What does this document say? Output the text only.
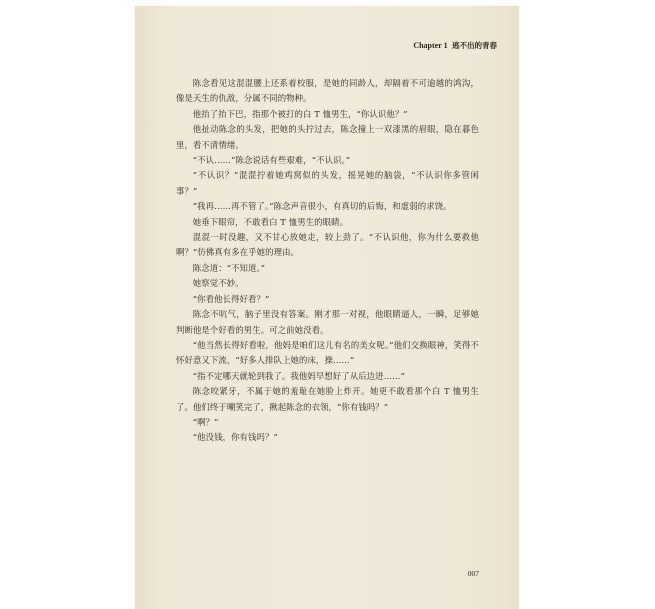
Chapter 1 逃不出的青春

陈念看见这混混腰上还系着校服，是她的同龄人，却隔着不可逾越的鸿沟，像是天生的仇敌，分属不同的物种。

他抬了抬下巴，指那个被打的白 T 恤男生，“你认识他？”

他扯动陈念的头发，把她的头拧过去，陈念撞上一双漆黑的眉眼，隐在暮色里，看不清情绪。

“不认……”陈念说话有些艰难，“不认识。”

“不认识？”混混拧着她鸡窝似的头发，摇晃她的脑袋，“不认识你多管闲事？”

“我再……再不管了。”陈念声音很小，有真切的后悔，和虚弱的求饶。

她垂下眼帘，不敢看白 T 恤男生的眼睛。

混混一时没趣，又不甘心放她走，较上劲了。“不认识他，你为什么要救他啊？”仿佛真有多在乎她的理由。

陈念道：“不知道。”

她察觉不妙。

“你看他长得好看？”

陈念不吭气，脑子里没有答案。刚才那一对视，他眼睛逼人，一瞬，足够她判断他是个好看的男生。可之前她没看。

“他当然长得好看啦，他妈是咱们这儿有名的美女呢。”他们交换眼神，笑得不怀好意又下流，“好多人排队上她的床，操……”

“指不定哪天就轮到我了。我他妈早想好了从后边进……”

陈念咬紧牙，不属于她的羞耻在她脸上炸开。她更不敢看那个白 T 恤男生了。他们终于嘲笑完了，揪起陈念的衣领，“你有钱吗？”

“啊？”

“他没钱，你有钱吗？”

007
